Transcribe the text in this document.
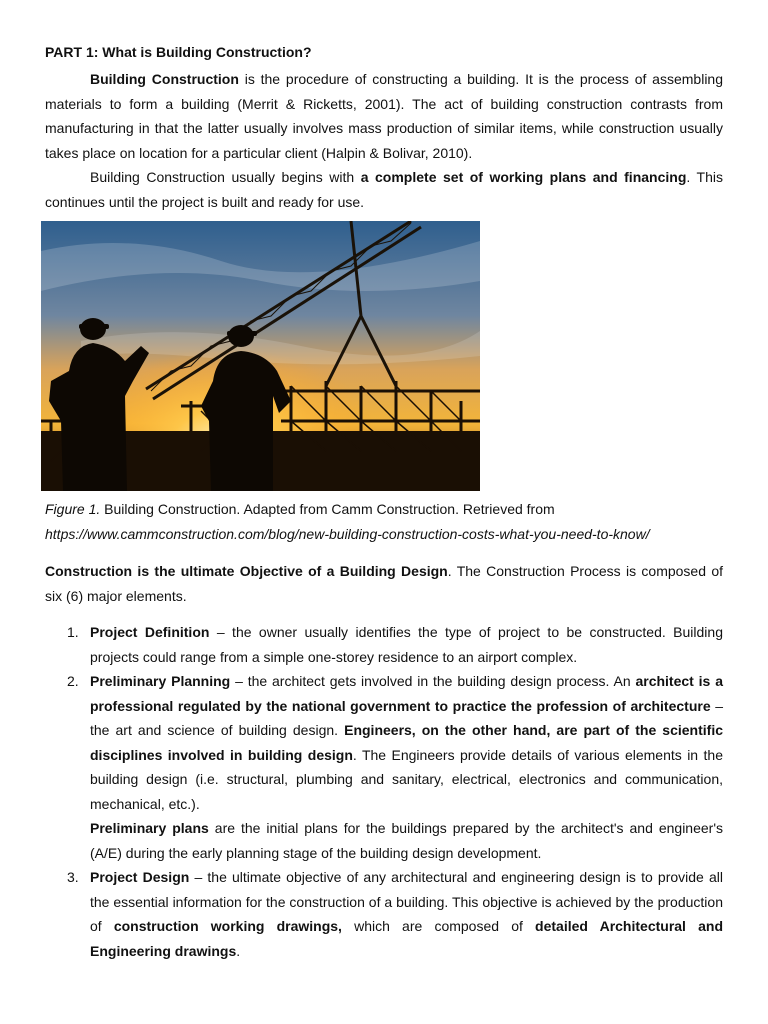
PART 1: What is Building Construction?

Building Construction is the procedure of constructing a building. It is the process of assembling materials to form a building (Merrit & Ricketts, 2001). The act of building construction contrasts from manufacturing in that the latter usually involves mass production of similar items, while construction usually takes place on location for a particular client (Halpin & Bolivar, 2010).

Building Construction usually begins with a complete set of working plans and financing. This continues until the project is built and ready for use.

Figure 1. Building Construction. Adapted from Camm Construction. Retrieved from
https://www.cammconstruction.com/blog/new-building-construction-costs-what-you-need-to-know/

Construction is the ultimate Objective of a Building Design. The Construction Process is composed of six (6) major elements.

1. Project Definition – the owner usually identifies the type of project to be constructed. Building projects could range from a simple one-storey residence to an airport complex.

2. Preliminary Planning – the architect gets involved in the building design process. An architect is a professional regulated by the national government to practice the profession of architecture – the art and science of building design. Engineers, on the other hand, are part of the scientific disciplines involved in building design. The Engineers provide details of various elements in the building design (i.e. structural, plumbing and sanitary, electrical, electronics and communication, mechanical, etc.).

Preliminary plans are the initial plans for the buildings prepared by the architect's and engineer's (A/E) during the early planning stage of the building design development.

3. Project Design – the ultimate objective of any architectural and engineering design is to provide all the essential information for the construction of a building. This objective is achieved by the production of construction working drawings, which are composed of detailed Architectural and Engineering drawings.
